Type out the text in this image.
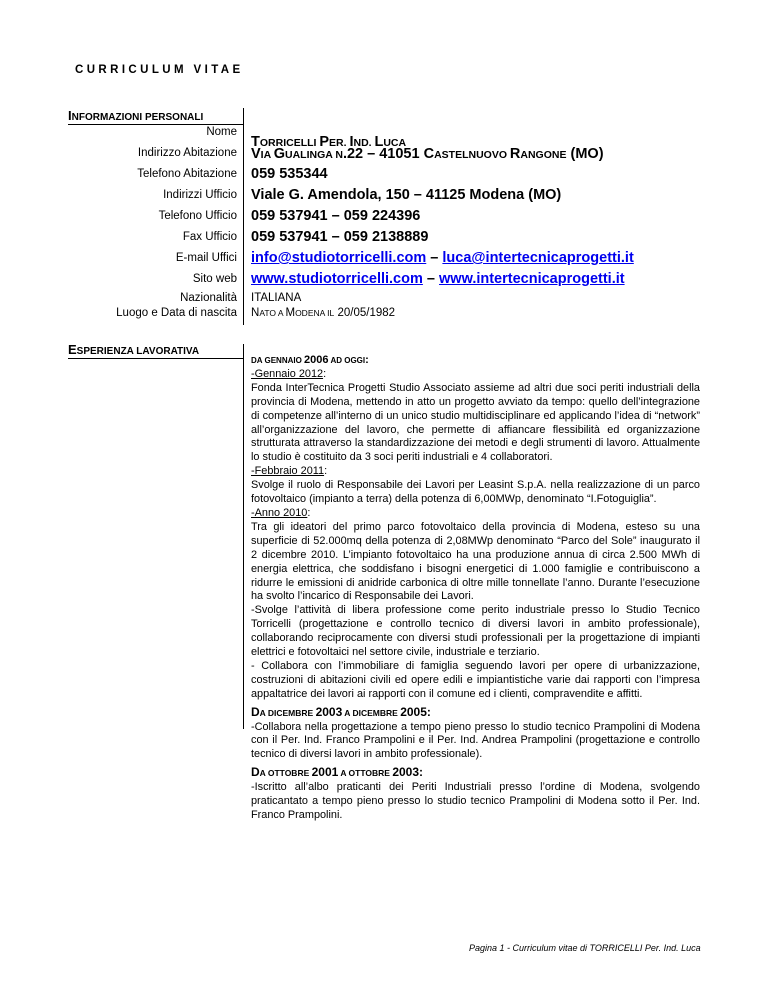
CURRICULUM VITAE
INFORMAZIONI PERSONALI
Nome
TORRICELLI PER. IND. LUCA
Indirizzo Abitazione VIA GUALINGA N.22 – 41051 CASTELNUOVO RANGONE (MO)
Telefono Abitazione 059 535344
Indirizzi Ufficio Viale G. Amendola, 150 – 41125 Modena (MO)
Telefono Ufficio 059 537941 – 059 224396
Fax Ufficio 059 537941 – 059 2138889
E-mail Uffici info@studiotorricelli.com – luca@intertecnicaprogetti.it
Sito web www.studiotorricelli.com – www.intertecnicaprogetti.it
Nazionalità ITALIANA
Luogo e Data di nascita NATO A MODENA IL 20/05/1982
ESPERIENZA LAVORATIVA

DA GENNAIO 2006 AD OGGI:

-Gennaio 2012:

Fonda InterTecnica Progetti Studio Associato assieme ad altri due soci periti industriali della provincia di Modena, mettendo in atto un progetto avviato da tempo: quello dell’integrazione di competenze all’interno di un unico studio multidisciplinare ed applicando l’idea di “network” all’organizzazione del lavoro, che permette di affiancare flessibilità ed organizzazione strutturata attraverso la standardizzazione dei metodi e degli strumenti di lavoro. Attualmente lo studio è costituito da 3 soci periti industriali e 4 collaboratori.

-Febbraio 2011:

Svolge il ruolo di Responsabile dei Lavori per Leasint S.p.A. nella realizzazione di un parco fotovoltaico (impianto a terra) della potenza di 6,00MWp, denominato “I.Fotoguiglia”.

-Anno 2010:

Tra gli ideatori del primo parco fotovoltaico della provincia di Modena, esteso su una superficie di 52.000mq della potenza di 2,08MWp denominato “Parco del Sole” inaugurato il 2 dicembre 2010. L’impianto fotovoltaico ha una produzione annua di circa 2.500 MWh di energia elettrica, che soddisfano i bisogni energetici di 1.000 famiglie e contribuiscono a ridurre le emissioni di anidride carbonica di oltre mille tonnellate l’anno. Durante l’esecuzione ha svolto l’incarico di Responsabile dei Lavori.

-Svolge l’attività di libera professione come perito industriale presso lo Studio Tecnico Torricelli (progettazione e controllo tecnico di diversi lavori in ambito professionale), collaborando reciprocamente con diversi studi professionali per la progettazione di impianti elettrici e fotovoltaici nel settore civile, industriale e terziario.

- Collabora con l’immobiliare di famiglia seguendo lavori per opere di urbanizzazione, costruzioni di abitazioni civili ed opere edili e impiantistiche varie dai rapporti con l’impresa appaltatrice dei lavori ai rapporti con il comune ed i clienti, compravendite e affitti.

DA DICEMBRE 2003 A DICEMBRE 2005:

-Collabora nella progettazione a tempo pieno presso lo studio tecnico Prampolini di Modena con il Per. Ind. Franco Prampolini e il Per. Ind. Andrea Prampolini (progettazione e controllo tecnico di diversi lavori in ambito professionale).

DA OTTOBRE 2001 A OTTOBRE 2003:

-Iscritto all’albo praticanti dei Periti Industriali presso l’ordine di Modena, svolgendo praticantato a tempo pieno presso lo studio tecnico Prampolini di Modena sotto il Per. Ind. Franco Prampolini.

Pagina 1 - Curriculum vitae di TORRICELLI Per. Ind. Luca
